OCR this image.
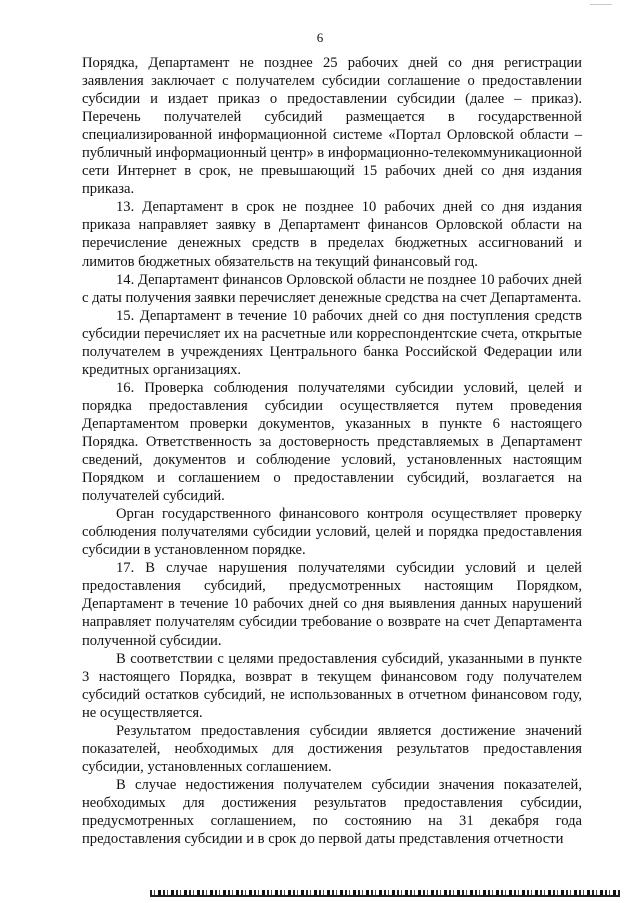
6

Порядка, Департамент не позднее 25 рабочих дней со дня регистрации заявления заключает с получателем субсидии соглашение о предоставлении субсидии и издает приказ о предоставлении субсидии (далее – приказ). Перечень получателей субсидий размещается в государственной специализированной информационной системе «Портал Орловской области – публичный информационный центр» в информационно-телекоммуникационной сети Интернет в срок, не превышающий 15 рабочих дней со дня издания приказа.

13. Департамент в срок не позднее 10 рабочих дней со дня издания приказа направляет заявку в Департамент финансов Орловской области на перечисление денежных средств в пределах бюджетных ассигнований и лимитов бюджетных обязательств на текущий финансовый год.

14. Департамент финансов Орловской области не позднее 10 рабочих дней с даты получения заявки перечисляет денежные средства на счет Департамента.

15. Департамент в течение 10 рабочих дней со дня поступления средств субсидии перечисляет их на расчетные или корреспондентские счета, открытые получателем в учреждениях Центрального банка Российской Федерации или кредитных организациях.

16. Проверка соблюдения получателями субсидии условий, целей и порядка предоставления субсидии осуществляется путем проведения Департаментом проверки документов, указанных в пункте 6 настоящего Порядка. Ответственность за достоверность представляемых в Департамент сведений, документов и соблюдение условий, установленных настоящим Порядком и соглашением о предоставлении субсидий, возлагается на получателей субсидий.

Орган государственного финансового контроля осуществляет проверку соблюдения получателями субсидии условий, целей и порядка предоставления субсидии в установленном порядке.

17. В случае нарушения получателями субсидии условий и целей предоставления субсидий, предусмотренных настоящим Порядком, Департамент в течение 10 рабочих дней со дня выявления данных нарушений направляет получателям субсидии требование о возврате на счет Департамента полученной субсидии.

В соответствии с целями предоставления субсидий, указанными в пункте 3 настоящего Порядка, возврат в текущем финансовом году получателем субсидий остатков субсидий, не использованных в отчетном финансовом году, не осуществляется.

Результатом предоставления субсидии является достижение значений показателей, необходимых для достижения результатов предоставления субсидии, установленных соглашением.

В случае недостижения получателем субсидии значения показателей, необходимых для достижения результатов предоставления субсидии, предусмотренных соглашением, по состоянию на 31 декабря года предоставления субсидии и в срок до первой даты представления отчетности
